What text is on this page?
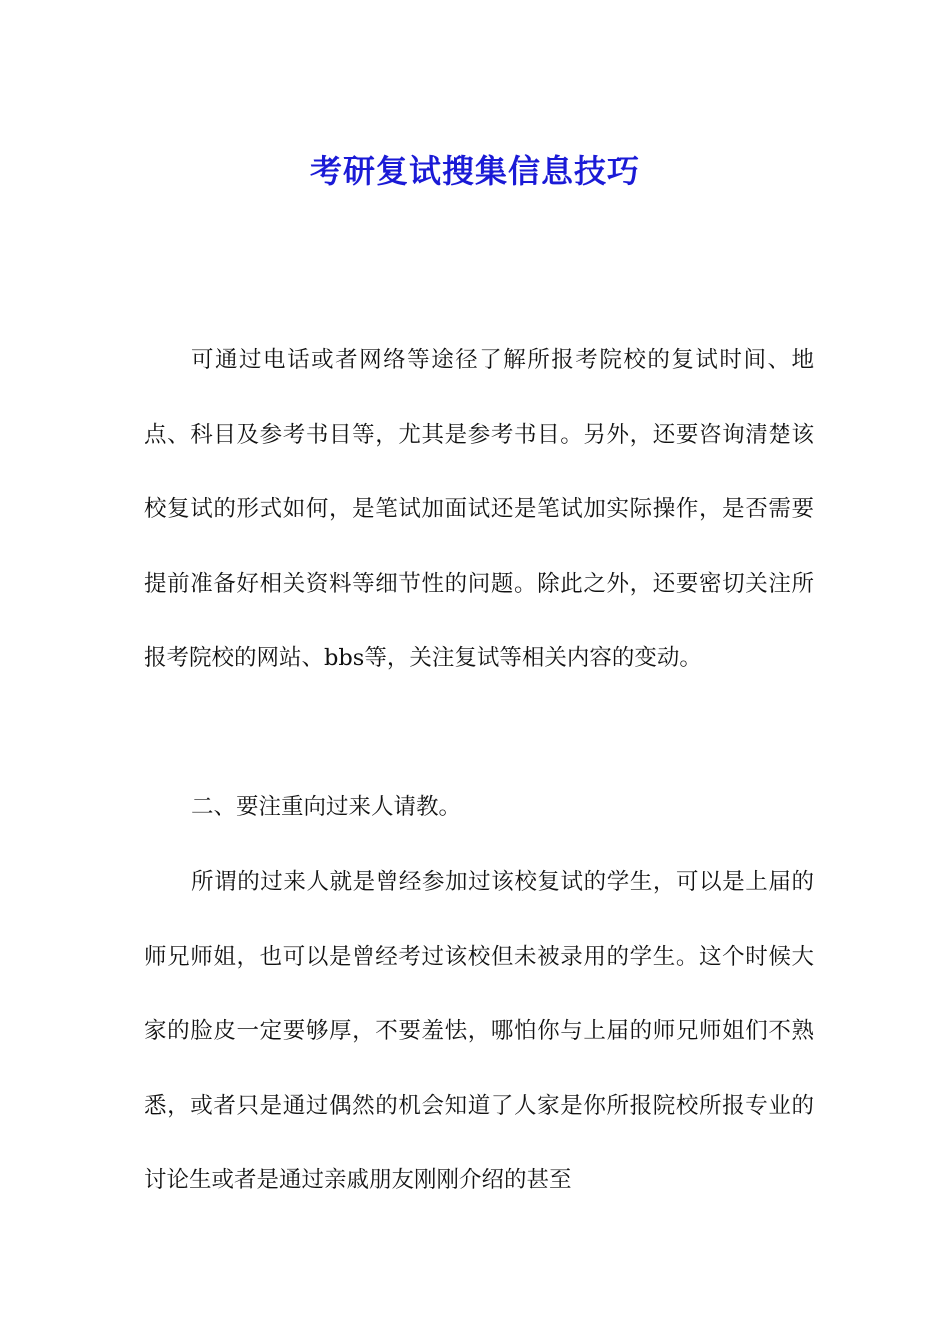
考研复试搜集信息技巧

可通过电话或者网络等途径了解所报考院校的复试时间、地点、科目及参考书目等，尤其是参考书目。另外，还要咨询清楚该校复试的形式如何，是笔试加面试还是笔试加实际操作，是否需要提前准备好相关资料等细节性的问题。除此之外，还要密切关注所报考院校的网站、bbs等，关注复试等相关内容的变动。

二、要注重向过来人请教。

所谓的过来人就是曾经参加过该校复试的学生，可以是上届的师兄师姐，也可以是曾经考过该校但未被录用的学生。这个时候大家的脸皮一定要够厚，不要羞怯，哪怕你与上届的师兄师姐们不熟悉，或者只是通过偶然的机会知道了人家是你所报院校所报专业的讨论生或者是通过亲戚朋友刚刚介绍的甚至
